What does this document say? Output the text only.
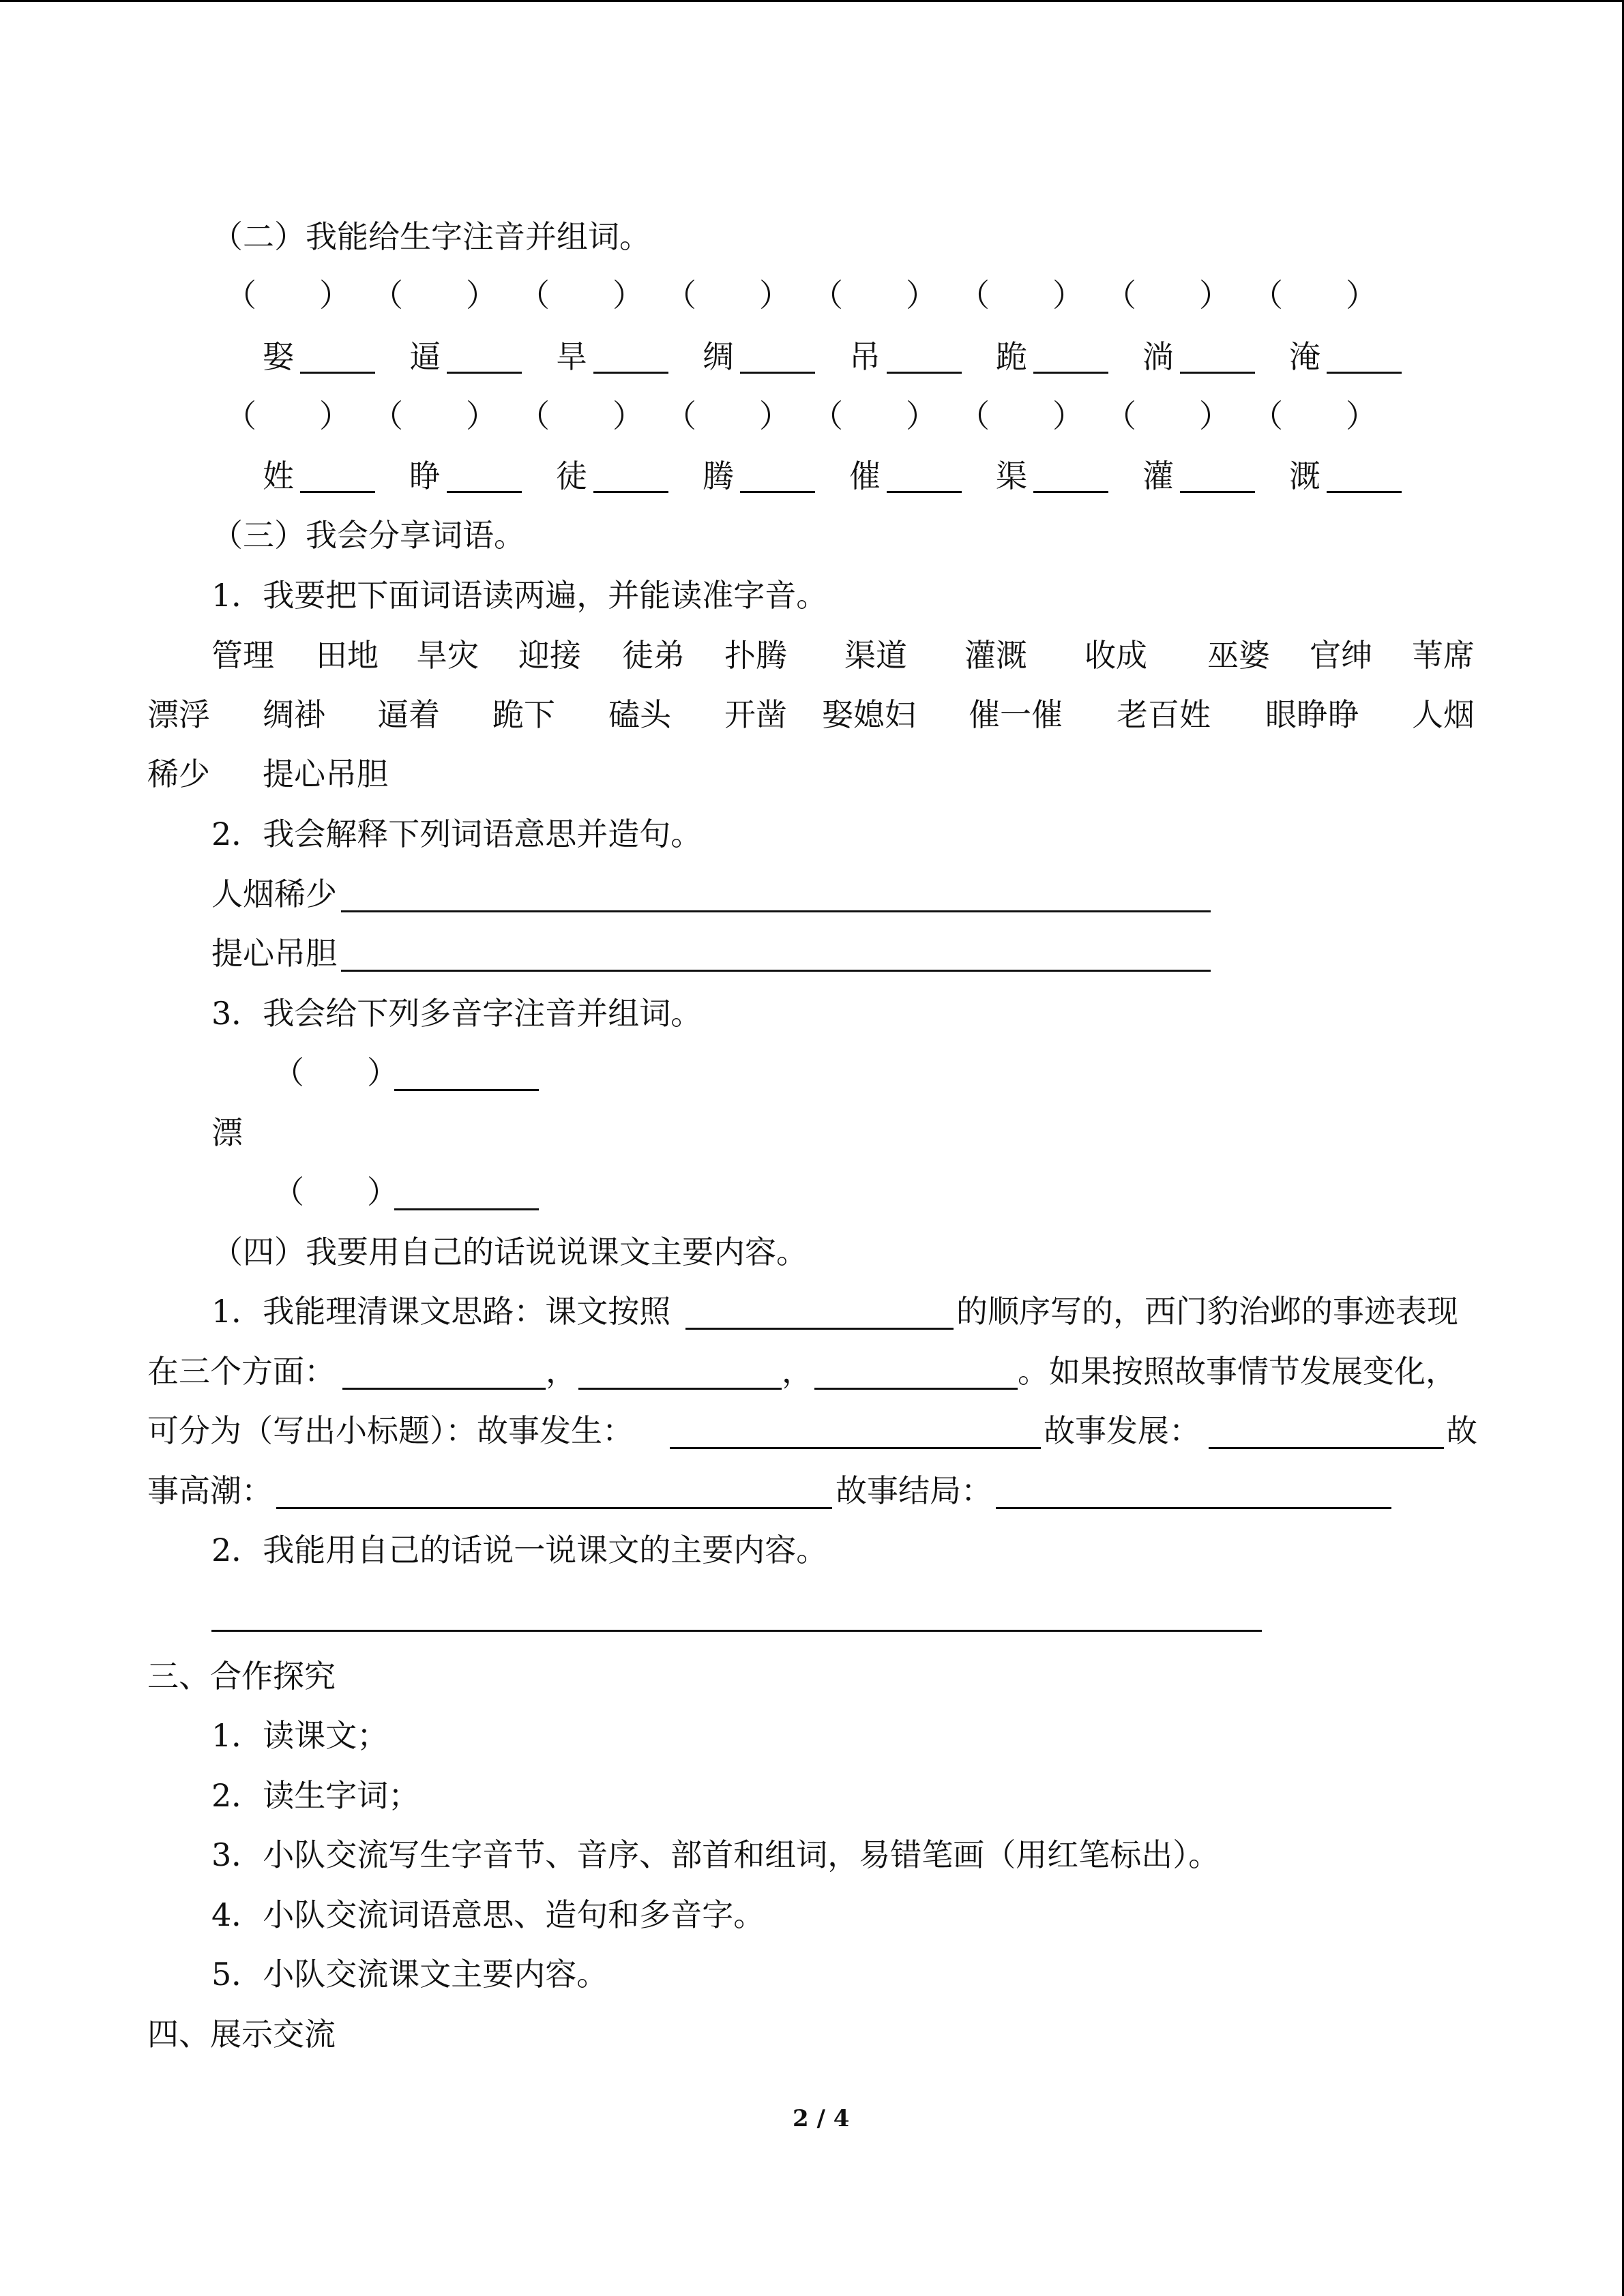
（二）我能给生字注音并组词。
（　　） （　　） （　　） （　　） （　　） （　　） （　　） （　　）
娶	逼	旱	绸	吊	跪	淌	淹
（　　） （　　） （　　） （　　） （　　） （　　） （　　） （　　）
姓	睁	徒	腾	催	渠	灌	溉
（三）我会分享词语。
1．我要把下面词语读两遍，并能读准字音。
管理 田地 旱灾 迎接 徒弟 扑腾 渠道 灌溉 收成 巫婆 官绅 苇席
漂浮 绸褂 逼着 跪下 磕头 开凿 娶媳妇 催一催 老百姓 眼睁睁 人烟
稀少 提心吊胆
2．我会解释下列词语意思并造句。
人烟稀少
提心吊胆
3．我会给下列多音字注音并组词。
（　　）
漂
（　　）
（四）我要用自己的话说说课文主要内容。
1．我能理清课文思路：课文按照	的顺序写的，西门豹治邺的事迹表现
在三个方面：	，	，	。如果按照故事情节发展变化，
可分为（写出小标题）：故事发生：	故事发展：	故
事高潮：	故事结局：
2．我能用自己的话说一说课文的主要内容。
三、合作探究
1．读课文；
2．读生字词；
3．小队交流写生字音节、音序、部首和组词，易错笔画（用红笔标出）。
4．小队交流词语意思、造句和多音字。
5．小队交流课文主要内容。
四、展示交流
2 / 4
